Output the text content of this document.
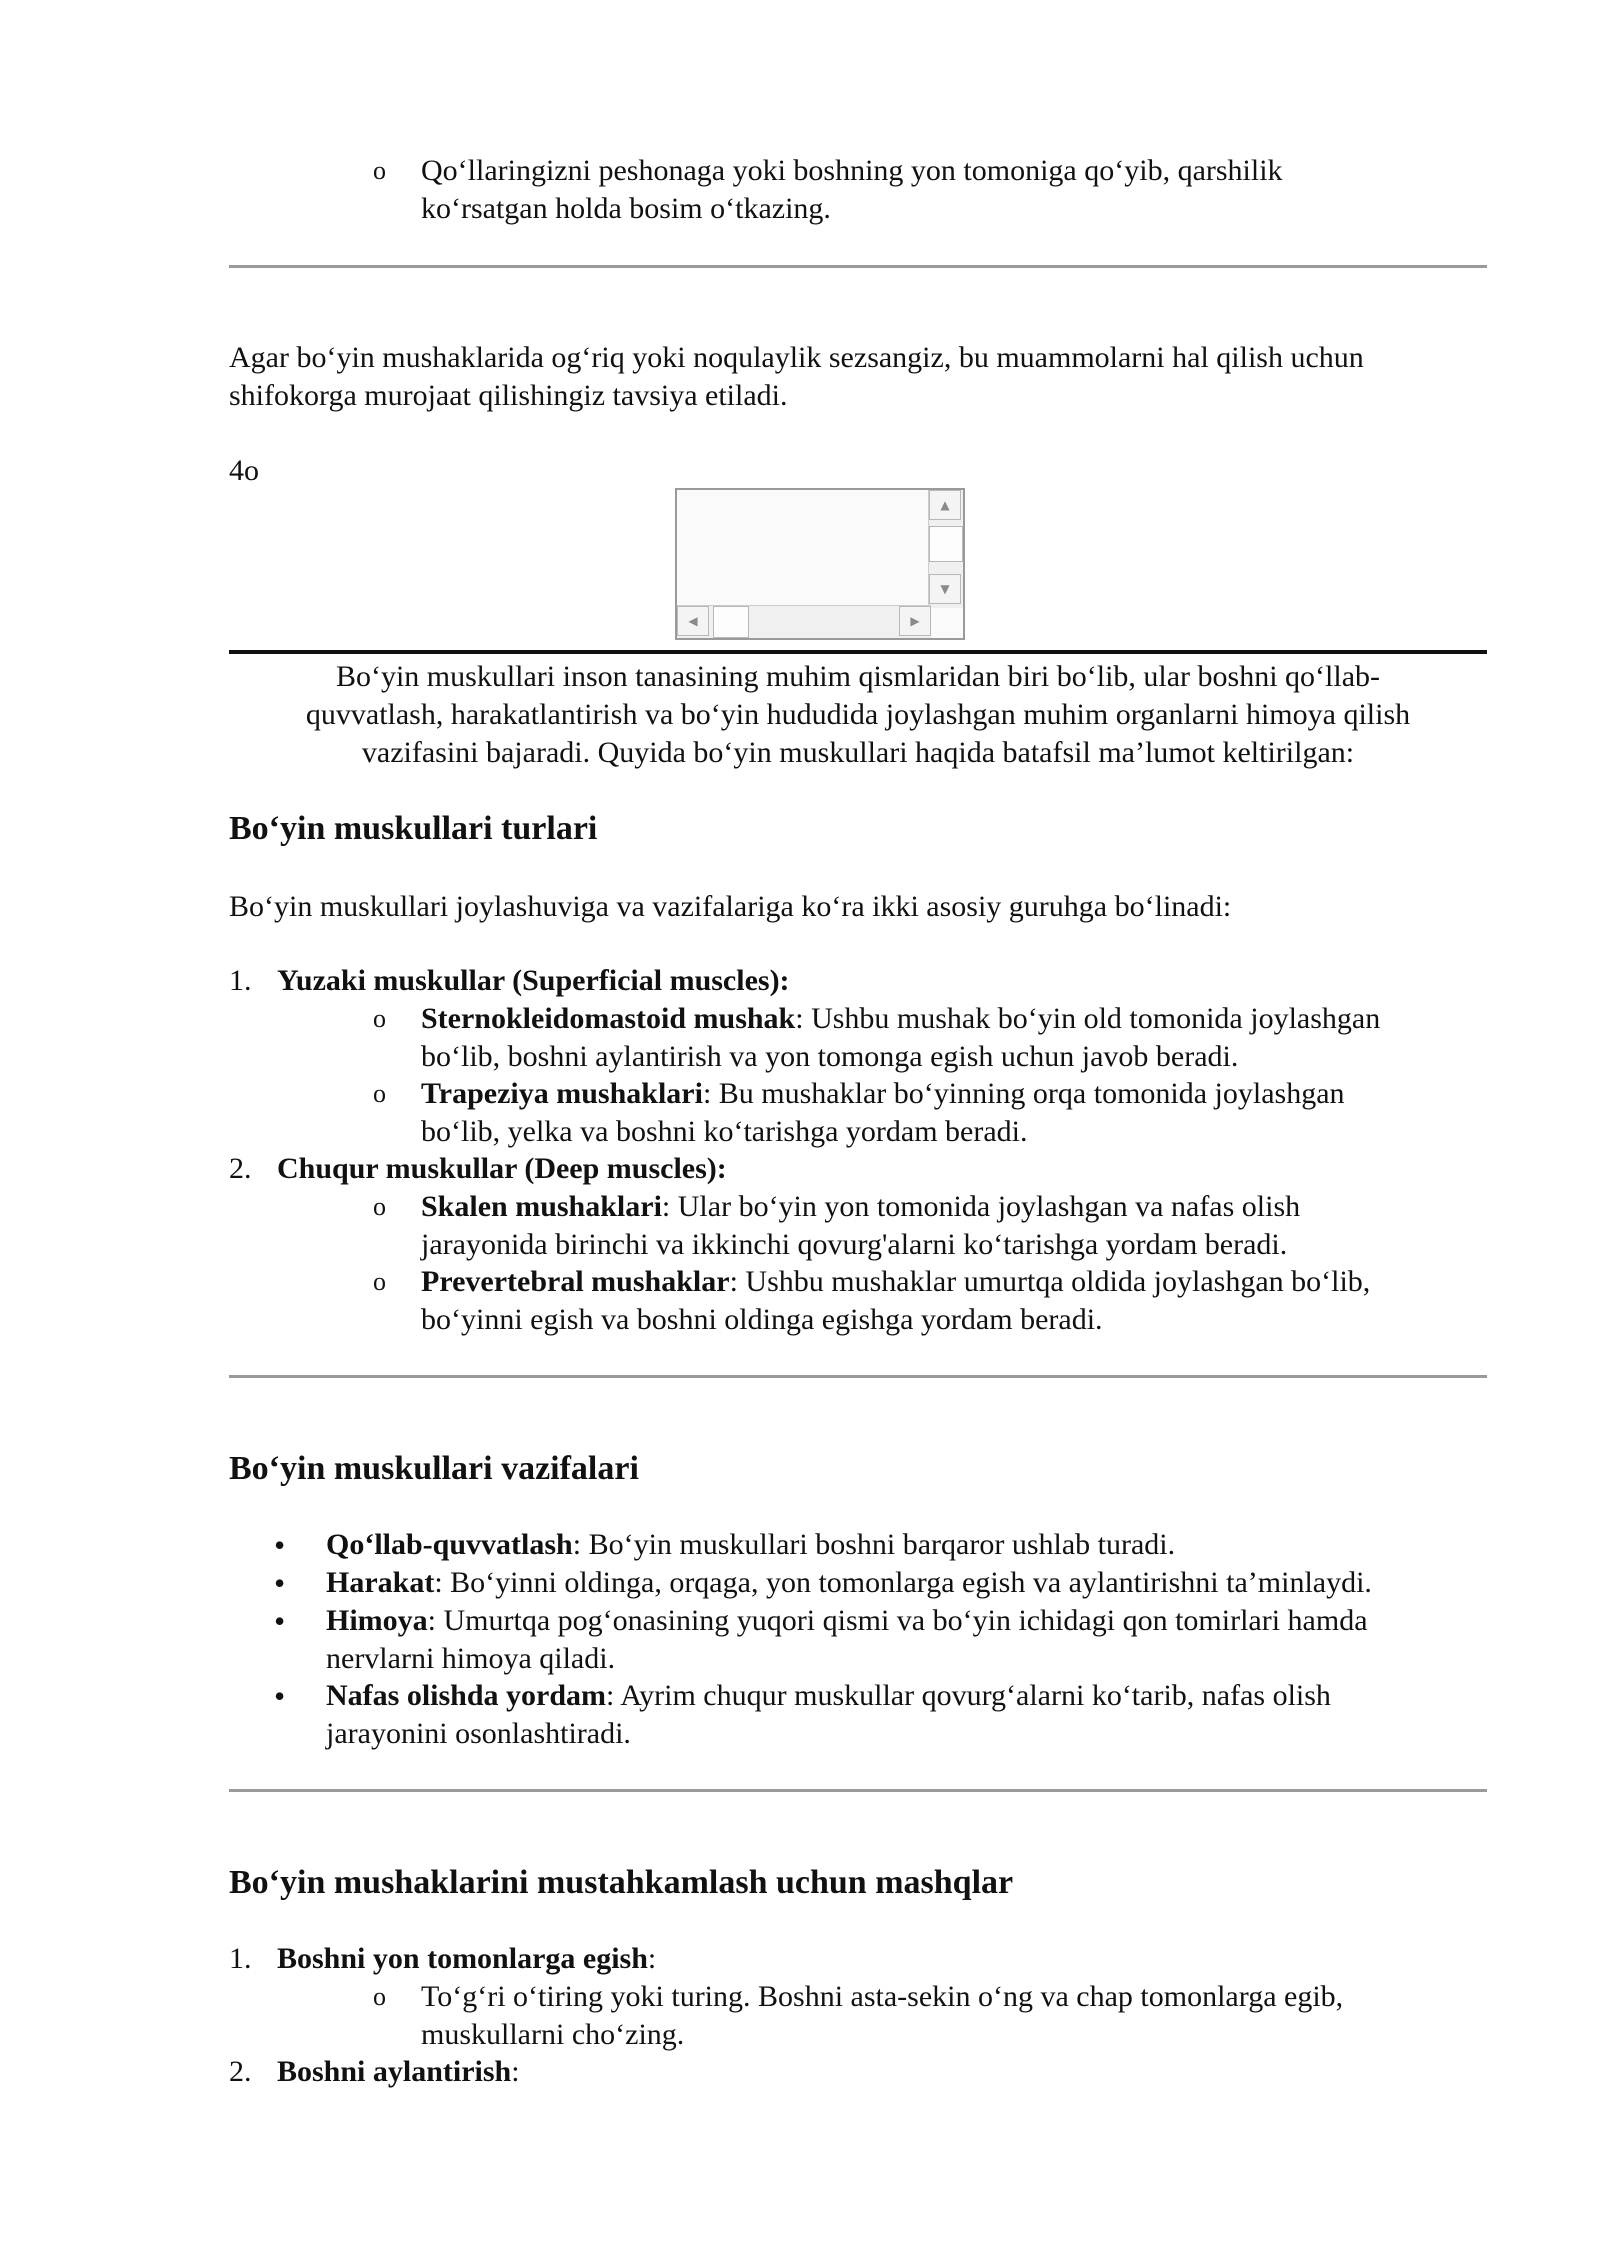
o Qo‘llaringizni peshonaga yoki boshning yon tomoniga qo‘yib, qarshilik
ko‘rsatgan holda bosim o‘tkazing.
Agar bo‘yin mushaklarida og‘riq yoki noqulaylik sezsangiz, bu muammolarni hal qilish uchun
shifokorga murojaat qilishingiz tavsiya etiladi.
4o
▲
▼
◀	▶
Bo‘yin muskullari inson tanasining muhim qismlaridan biri bo‘lib, ular boshni qo‘llab-
quvvatlash, harakatlantirish va bo‘yin hududida joylashgan muhim organlarni himoya qilish
vazifasini bajaradi. Quyida bo‘yin muskullari haqida batafsil ma’lumot keltirilgan:
Bo‘yin muskullari turlari
Bo‘yin muskullari joylashuviga va vazifalariga ko‘ra ikki asosiy guruhga bo‘linadi:
1. Yuzaki muskullar (Superficial muscles):
o Sternokleidomastoid mushak: Ushbu mushak bo‘yin old tomonida joylashgan
bo‘lib, boshni aylantirish va yon tomonga egish uchun javob beradi.
o Trapeziya mushaklari: Bu mushaklar bo‘yinning orqa tomonida joylashgan
bo‘lib, yelka va boshni ko‘tarishga yordam beradi.
2. Chuqur muskullar (Deep muscles):
o Skalen mushaklari: Ular bo‘yin yon tomonida joylashgan va nafas olish
jarayonida birinchi va ikkinchi qovurg'alarni ko‘tarishga yordam beradi.
o Prevertebral mushaklar: Ushbu mushaklar umurtqa oldida joylashgan bo‘lib,
bo‘yinni egish va boshni oldinga egishga yordam beradi.
Bo‘yin muskullari vazifalari
• Qo‘llab-quvvatlash: Bo‘yin muskullari boshni barqaror ushlab turadi.
• Harakat: Bo‘yinni oldinga, orqaga, yon tomonlarga egish va aylantirishni ta’minlaydi.
• Himoya: Umurtqa pog‘onasining yuqori qismi va bo‘yin ichidagi qon tomirlari hamda
nervlarni himoya qiladi.
• Nafas olishda yordam: Ayrim chuqur muskullar qovurg‘alarni ko‘tarib, nafas olish
jarayonini osonlashtiradi.
Bo‘yin mushaklarini mustahkamlash uchun mashqlar
1. Boshni yon tomonlarga egish:
o To‘g‘ri o‘tiring yoki turing. Boshni asta-sekin o‘ng va chap tomonlarga egib,
muskullarni cho‘zing.
2. Boshni aylantirish:
